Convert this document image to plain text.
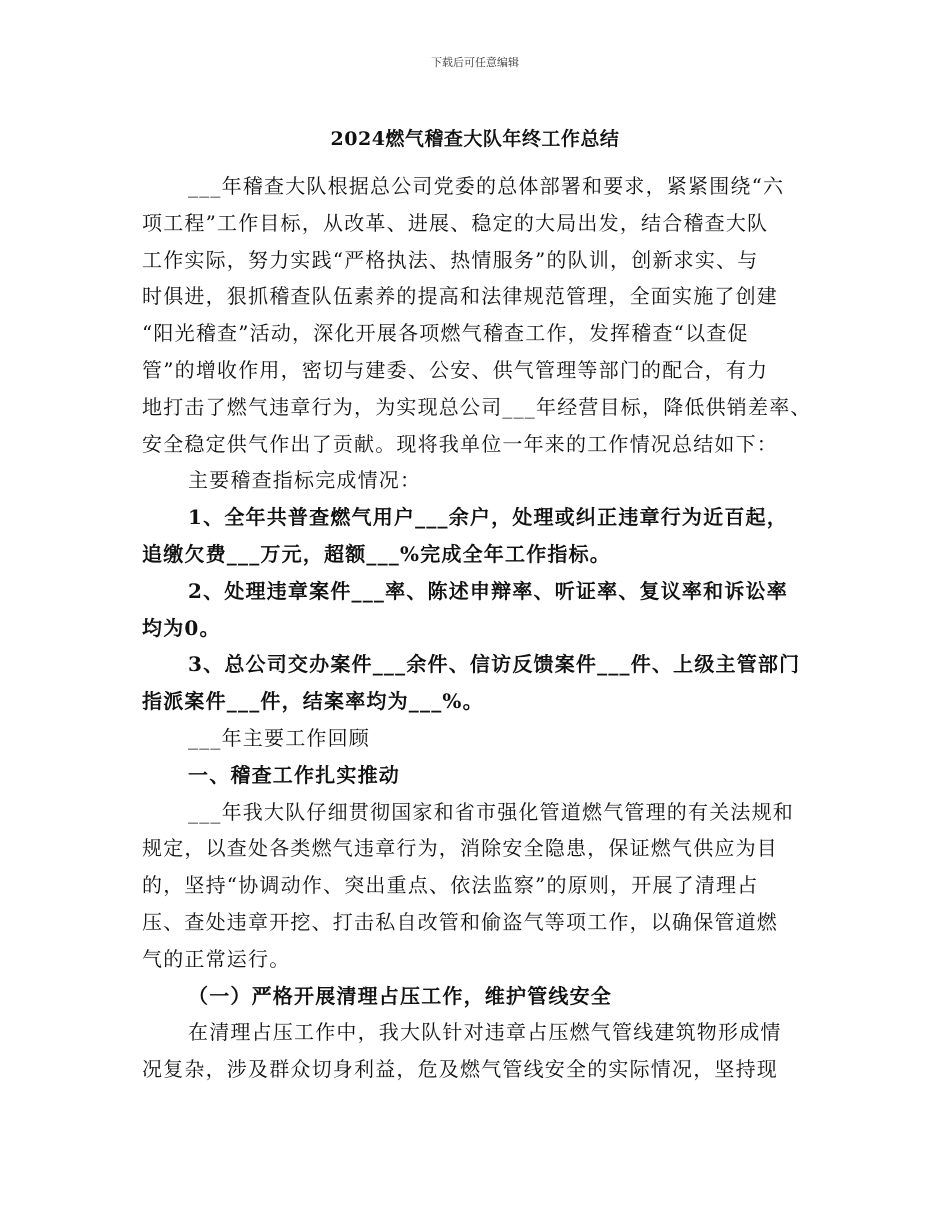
下载后可任意编辑
2024燃气稽查大队年终工作总结

___年稽查大队根据总公司党委的总体部署和要求，紧紧围绕“六

项工程”工作目标，从改革、进展、稳定的大局出发，结合稽查大队

工作实际，努力实践“严格执法、热情服务”的队训，创新求实、与

时俱进，狠抓稽查队伍素养的提高和法律规范管理，全面实施了创建

“阳光稽查”活动，深化开展各项燃气稽查工作，发挥稽查“以查促

管”的增收作用，密切与建委、公安、供气管理等部门的配合，有力

地打击了燃气违章行为，为实现总公司___年经营目标，降低供销差率、

安全稳定供气作出了贡献。现将我单位一年来的工作情况总结如下：

主要稽查指标完成情况：

1、全年共普查燃气用户___余户，处理或纠正违章行为近百起，

追缴欠费___万元，超额___%完成全年工作指标。

2、处理违章案件___率、陈述申辩率、听证率、复议率和诉讼率

均为0。

3、总公司交办案件___余件、信访反馈案件___件、上级主管部门

指派案件___件，结案率均为___%。

___年主要工作回顾

一、稽查工作扎实推动

___年我大队仔细贯彻国家和省市强化管道燃气管理的有关法规和

规定，以查处各类燃气违章行为，消除安全隐患，保证燃气供应为目

的，坚持“协调动作、突出重点、依法监察”的原则，开展了清理占

压、查处违章开挖、打击私自改管和偷盗气等项工作，以确保管道燃

气的正常运行。

（一）严格开展清理占压工作，维护管线安全

在清理占压工作中，我大队针对违章占压燃气管线建筑物形成情

况复杂，涉及群众切身利益，危及燃气管线安全的实际情况，坚持现
